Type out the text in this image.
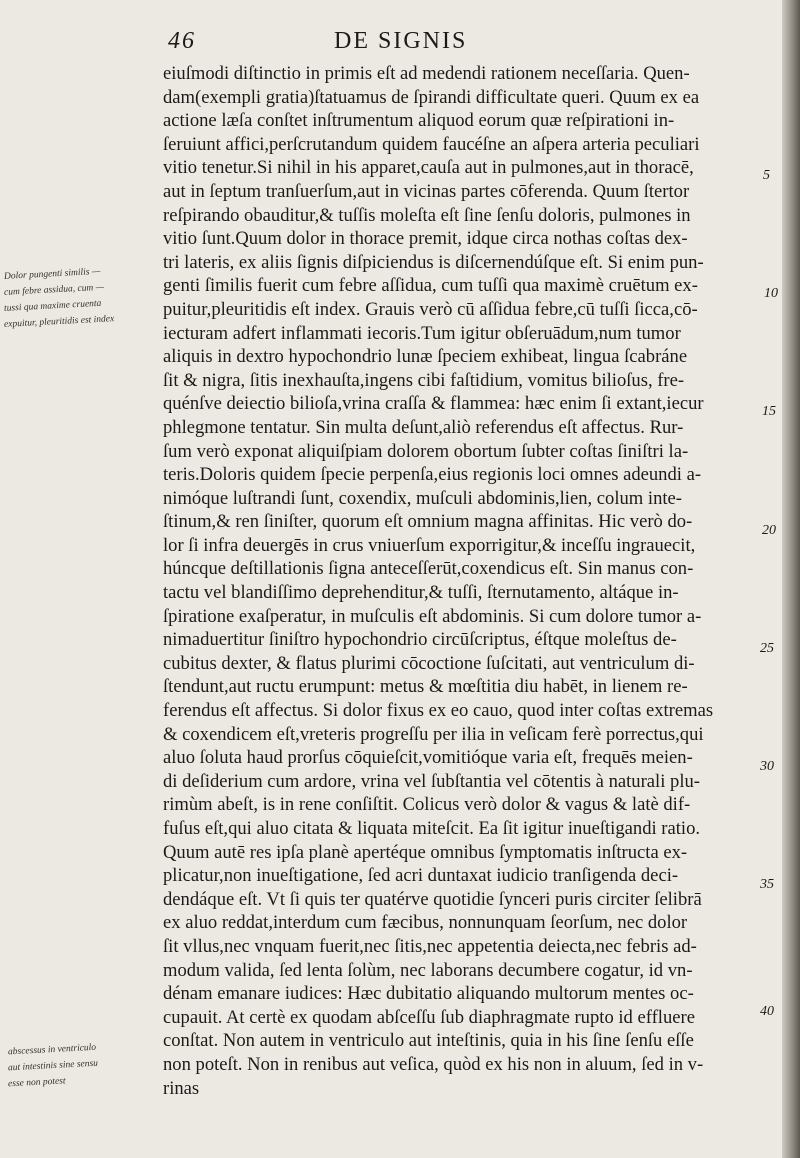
46	DE SIGNIS
eiuſmodi diſtinctio in primis eſt ad medendi rationem neceſſaria. Quen-
dam(exempli gratia)ſtatuamus de ſpirandi difficultate queri. Quum ex ea
actione læſa conſtet inſtrumentum aliquod eorum quæ reſpirationi in-
ſeruiunt affici,perſcrutandum quidem faucéſne an aſpera arteria peculiari
vitio tenetur.Si nihil in his apparet,cauſa aut in pulmones,aut in thoracē,
aut in ſeptum tranſuerſum,aut in vicinas partes cōferenda. Quum ſtertor
reſpirando obauditur,& tuſſis moleſta eſt ſine ſenſu doloris, pulmones in
vitio ſunt.Quum dolor in thorace premit, idque circa nothas coſtas dex-
tri lateris, ex aliis ſignis diſpiciendus is diſcernendúſque eſt. Si enim pun-
genti ſimilis fuerit cum febre aſſidua, cum tuſſi qua maximè cruētum ex-
puitur,pleuritidis eſt index. Grauis verò cū aſſidua febre,cū tuſſi ſicca,cō-
iecturam adfert inflammati iecoris.Tum igitur obſeruādum,num tumor
aliquis in dextro hypochondrio lunæ ſpeciem exhibeat, lingua ſcabráne
ſit & nigra, ſitis inexhauſta,ingens cibi faſtidium, vomitus bilioſus, fre-
quénſve deiectio bilioſa,vrina craſſa & flammea: hæc enim ſi extant,iecur
phlegmone tentatur. Sin multa deſunt,aliò referendus eſt affectus. Rur-
ſum verò exponat aliquiſpiam dolorem obortum ſubter coſtas ſiniſtri la-
teris.Doloris quidem ſpecie perpenſa,eius regionis loci omnes adeundi a-
nimóque luſtrandi ſunt, coxendix, muſculi abdominis,lien, colum inte-
ſtinum,& ren ſiniſter, quorum eſt omnium magna affinitas. Hic verò do-
lor ſi infra deuergēs in crus vniuerſum exporrigitur,& inceſſu ingrauecit,
húncque deſtillationis ſigna anteceſſerūt,coxendicus eſt. Sin manus con-
tactu vel blandiſſimo deprehenditur,& tuſſi, ſternutamento, altáque in-
ſpiratione exaſperatur, in muſculis eſt abdominis. Si cum dolore tumor a-
nimaduertitur ſiniſtro hypochondrio circūſcriptus, éſtque moleſtus de-
cubitus dexter, & flatus plurimi cōcoctione ſuſcitati, aut ventriculum di-
ſtendunt,aut ructu erumpunt: metus & mœſtitia diu habēt, in lienem re-
ferendus eſt affectus. Si dolor fixus ex eo cauo, quod inter coſtas extremas
& coxendicem eſt,vreteris progreſſu per ilia in veſicam ferè porrectus,qui
aluo ſoluta haud prorſus cōquieſcit,vomitióque varia eſt, frequēs meien-
di deſiderium cum ardore, vrina vel ſubſtantia vel cōtentis à naturali plu-
rimùm abeſt, is in rene conſiſtit. Colicus verò dolor & vagus & latè dif-
fuſus eſt,qui aluo citata & liquata miteſcit. Ea ſit igitur inueſtigandi ratio.
Quum autē res ipſa planè apertéque omnibus ſymptomatis inſtructa ex-
plicatur,non inueſtigatione, ſed acri duntaxat iudicio tranſigenda deci-
dendáque eſt. Vt ſi quis ter quatérve quotidie ſynceri puris circiter ſelibrā
ex aluo reddat,interdum cum fæcibus, nonnunquam ſeorſum, nec dolor
ſit vllus,nec vnquam fuerit,nec ſitis,nec appetentia deiecta,nec febris ad-
modum valida, ſed lenta ſolùm, nec laborans decumbere cogatur, id vn-
dénam emanare iudices: Hæc dubitatio aliquando multorum mentes oc-
cupauit. At certè ex quodam abſceſſu ſub diaphragmate rupto id effluere
conſtat. Non autem in ventriculo aut inteſtinis, quia in his ſine ſenſu eſſe
non poteſt. Non in renibus aut veſica, quòd ex his non in aluum, ſed in v-
rinas
5
10
15
20
25
30
35
40
Dolor pungenti similis —
cum febre assidua, cum —
tussi qua maxime cruenta
expuitur, pleuritidis est index
abscessus in ventriculo
aut intestinis sine sensu
esse non potest
